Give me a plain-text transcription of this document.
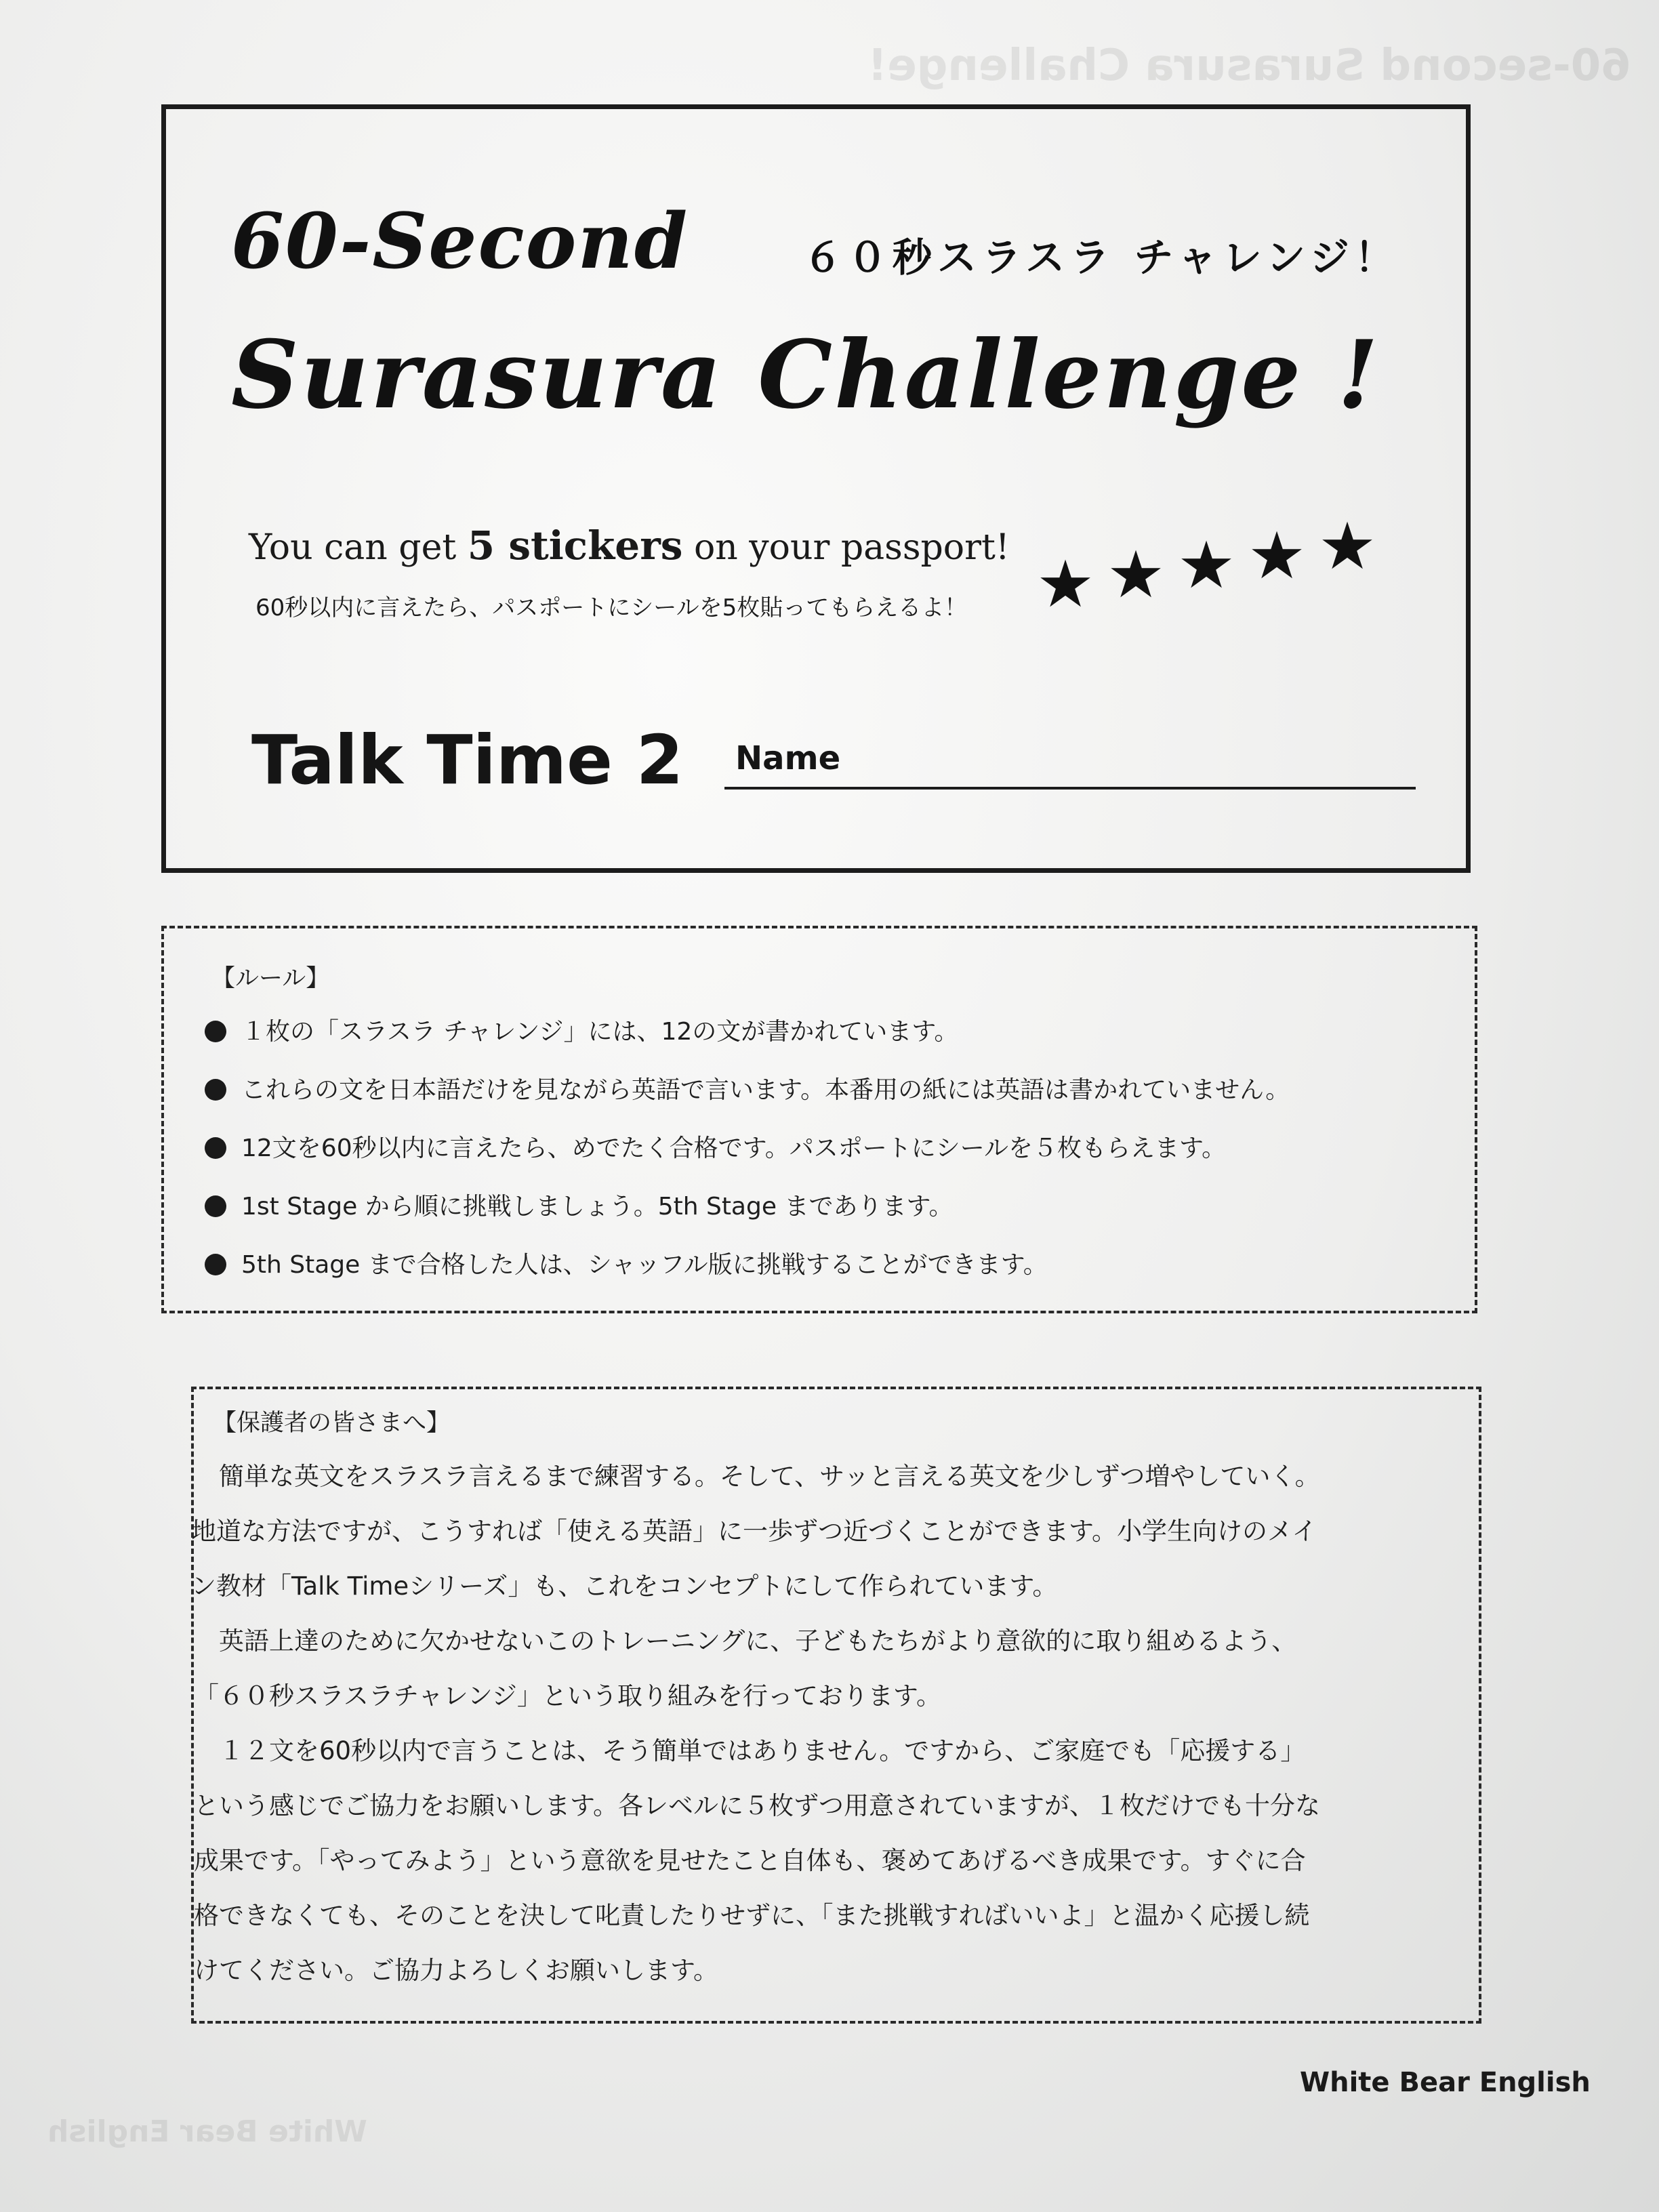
60-second Surasura Challenge!
White Bear English
60-Second	６０秒スラスラ チャレンジ！
Surasura Challenge !
You can get 5 stickers on your passport!
60秒以内に言えたら、パスポートにシールを5枚貼ってもらえるよ！ ★ ★ ★ ★ ★
Talk Time 2 Name
【ルール】
１枚の「スラスラ チャレンジ」には、12の文が書かれています。
これらの文を日本語だけを見ながら英語で言います。本番用の紙には英語は書かれていません。
12文を60秒以内に言えたら、めでたく合格です。パスポートにシールを５枚もらえます。
1st Stage から順に挑戦しましょう。5th Stage まであります。
5th Stage まで合格した人は、シャッフル版に挑戦することができます。
【保護者の皆さまへ】

　簡単な英文をスラスラ言えるまで練習する。そして、サッと言える英文を少しずつ増やしていく。

地道な方法ですが、こうすれば「使える英語」に一歩ずつ近づくことができます。小学生向けのメイ

ン教材「Talk Timeシリーズ」も、これをコンセプトにして作られています。

　英語上達のために欠かせないこのトレーニングに、子どもたちがより意欲的に取り組めるよう、

「６０秒スラスラチャレンジ」という取り組みを行っております。

　１２文を60秒以内で言うことは、そう簡単ではありません。ですから、ご家庭でも「応援する」

という感じでご協力をお願いします。各レベルに５枚ずつ用意されていますが、１枚だけでも十分な

成果です。「やってみよう」という意欲を見せたこと自体も、褒めてあげるべき成果です。すぐに合

格できなくても、そのことを決して叱責したりせずに、「また挑戦すればいいよ」と温かく応援し続

けてください。ご協力よろしくお願いします。

White Bear English
